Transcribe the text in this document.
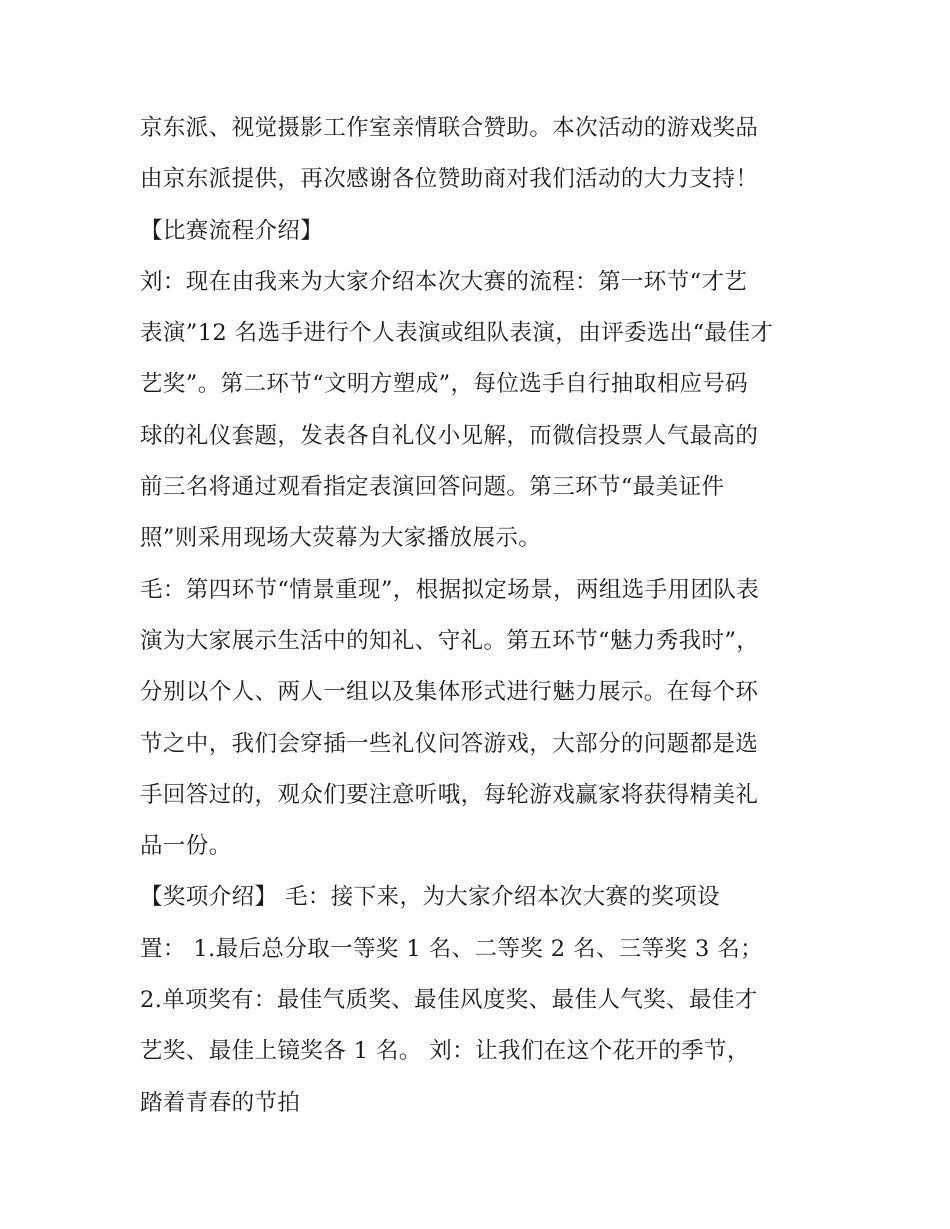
京东派、视觉摄影工作室亲情联合赞助。本次活动的游戏奖品
由京东派提供，再次感谢各位赞助商对我们活动的大力支持！
【比赛流程介绍】
刘：现在由我来为大家介绍本次大赛的流程：第一环节“才艺
表演”12 名选手进行个人表演或组队表演，由评委选出“最佳才
艺奖”。第二环节“文明方塑成”，每位选手自行抽取相应号码
球的礼仪套题，发表各自礼仪小见解，而微信投票人气最高的
前三名将通过观看指定表演回答问题。第三环节“最美证件
照”则采用现场大荧幕为大家播放展示。
毛：第四环节“情景重现”，根据拟定场景，两组选手用团队表
演为大家展示生活中的知礼、守礼。第五环节“魅力秀我时”，
分别以个人、两人一组以及集体形式进行魅力展示。在每个环
节之中，我们会穿插一些礼仪问答游戏，大部分的问题都是选
手回答过的，观众们要注意听哦，每轮游戏赢家将获得精美礼
品一份。
【奖项介绍】 毛：接下来，为大家介绍本次大赛的奖项设
置： 1.最后总分取一等奖 1 名、二等奖 2 名、三等奖 3 名；
2.单项奖有：最佳气质奖、最佳风度奖、最佳人气奖、最佳才
艺奖、最佳上镜奖各 1 名。 刘：让我们在这个花开的季节，
踏着青春的节拍
